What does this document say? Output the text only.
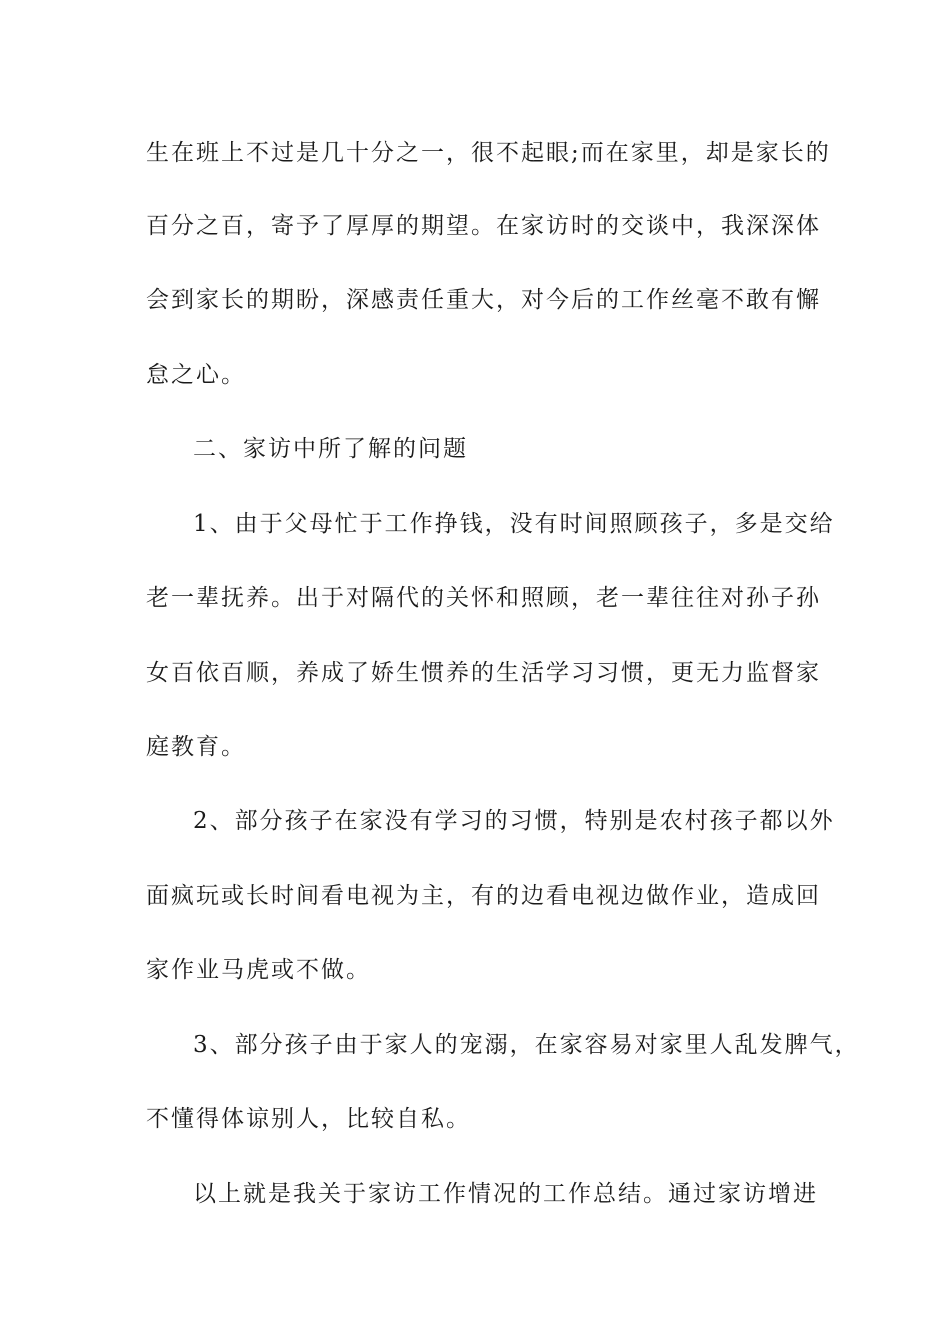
生在班上不过是几十分之一，很不起眼;而在家里，却是家长的
百分之百，寄予了厚厚的期望。在家访时的交谈中，我深深体
会到家长的期盼，深感责任重大，对今后的工作丝毫不敢有懈
怠之心。
二、家访中所了解的问题
1、由于父母忙于工作挣钱，没有时间照顾孩子，多是交给
老一辈抚养。出于对隔代的关怀和照顾，老一辈往往对孙子孙
女百依百顺，养成了娇生惯养的生活学习习惯，更无力监督家
庭教育。
2、部分孩子在家没有学习的习惯，特别是农村孩子都以外
面疯玩或长时间看电视为主，有的边看电视边做作业，造成回
家作业马虎或不做。
3、部分孩子由于家人的宠溺，在家容易对家里人乱发脾气，
不懂得体谅别人，比较自私。
以上就是我关于家访工作情况的工作总结。通过家访增进
